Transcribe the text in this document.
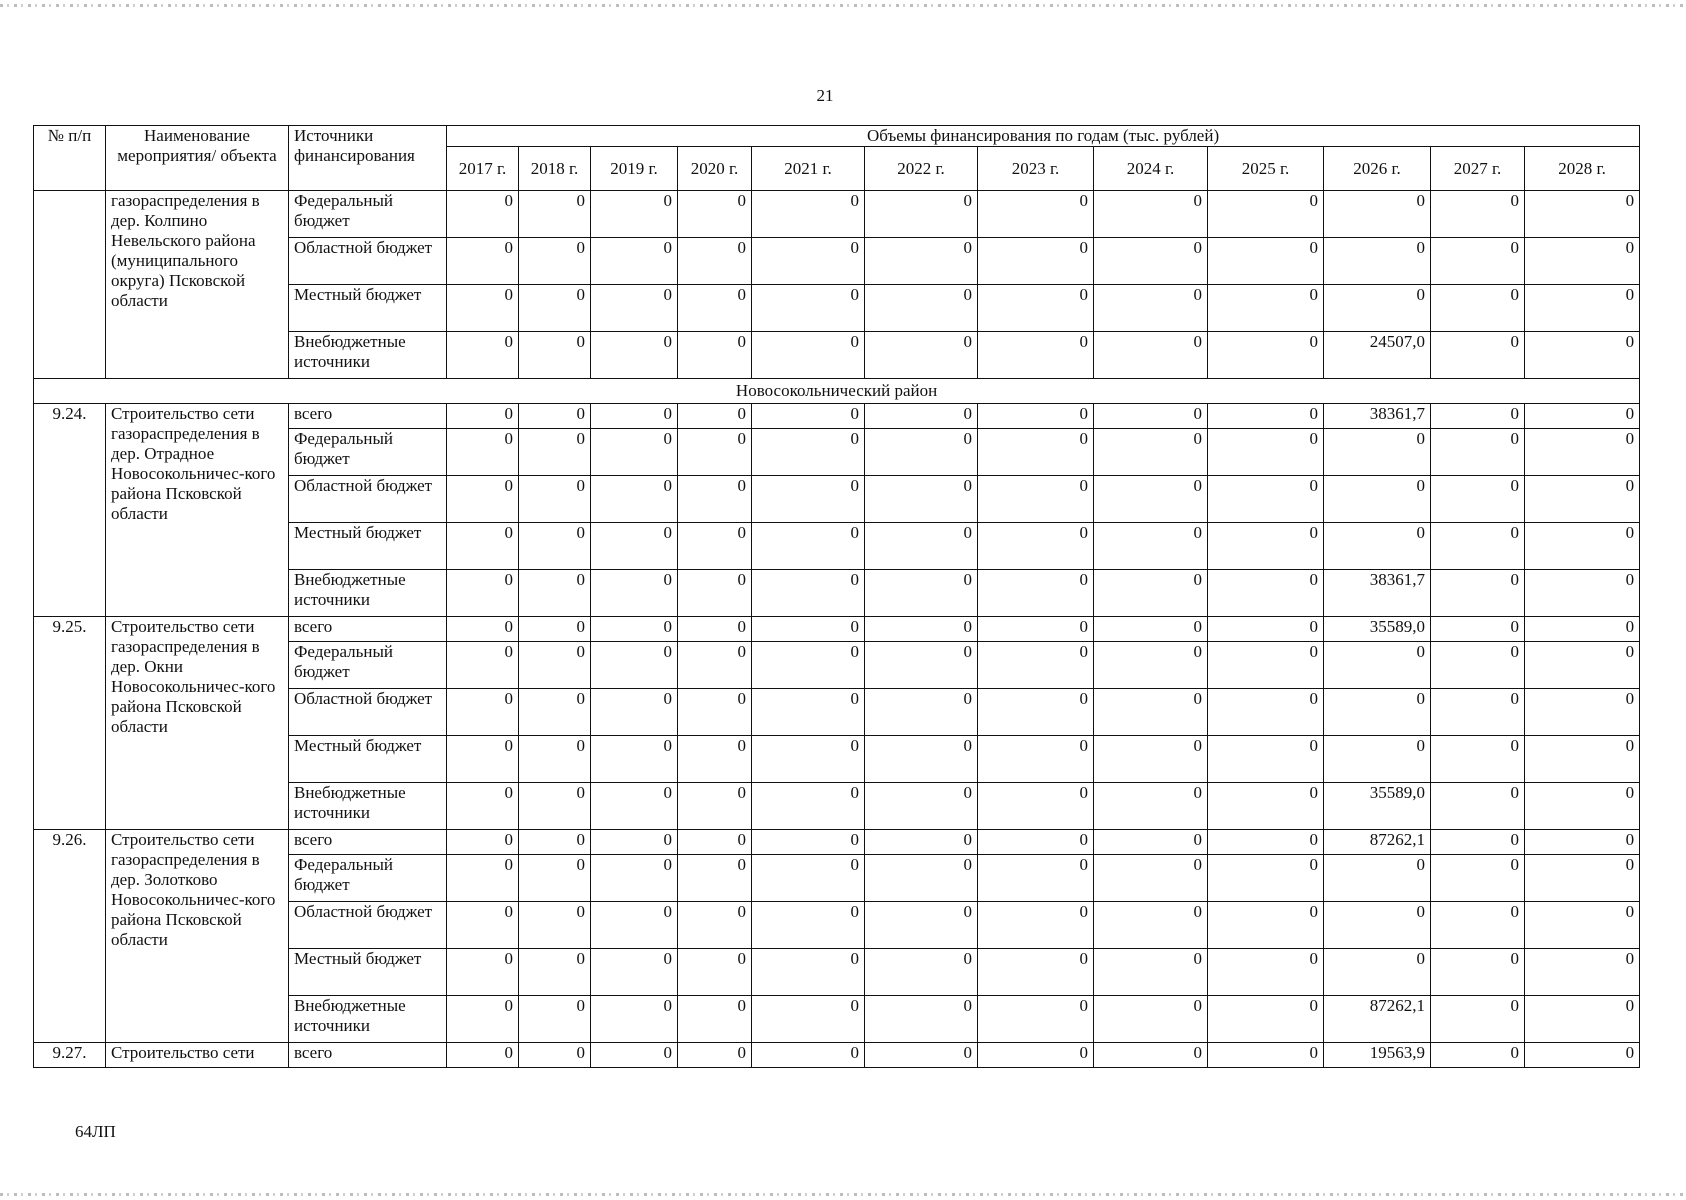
21
№ п/п	Наименование мероприятия/ объекта	Источники финансирования	Объемы финансирования по годам (тыс. рублей)											
			2017 г.	2018 г.	2019 г.	2020 г.	2021 г.	2022 г.	2023 г.	2024 г.	2025 г.	2026 г.	2027 г.	2028 г.
	газораспределения в дер. Колпино Невельского района (муниципального округа) Псковской области	Федеральный бюджет	0	0	0	0	0	0	0	0	0	0	0	0
		Областной бюджет	0	0	0	0	0	0	0	0	0	0	0	0
		Местный бюджет	0	0	0	0	0	0	0	0	0	0	0	0
		Внебюджетные источники	0	0	0	0	0	0	0	0	0	24507,0	0	0
Новосокольнический район														
9.24.	Строительство сети газораспределения в дер. Отрадное Новосокольничес-кого района Псковской области	всего	0	0	0	0	0	0	0	0	0	38361,7	0	0
		Федеральный бюджет	0	0	0	0	0	0	0	0	0	0	0	0
		Областной бюджет	0	0	0	0	0	0	0	0	0	0	0	0
		Местный бюджет	0	0	0	0	0	0	0	0	0	0	0	0
		Внебюджетные источники	0	0	0	0	0	0	0	0	0	38361,7	0	0
9.25.	Строительство сети газораспределения в дер. Окни Новосокольничес-кого района Псковской области	всего	0	0	0	0	0	0	0	0	0	35589,0	0	0
		Федеральный бюджет	0	0	0	0	0	0	0	0	0	0	0	0
		Областной бюджет	0	0	0	0	0	0	0	0	0	0	0	0
		Местный бюджет	0	0	0	0	0	0	0	0	0	0	0	0
		Внебюджетные источники	0	0	0	0	0	0	0	0	0	35589,0	0	0
9.26.	Строительство сети газораспределения в дер. Золотково Новосокольничес-кого района Псковской области	всего	0	0	0	0	0	0	0	0	0	87262,1	0	0
		Федеральный бюджет	0	0	0	0	0	0	0	0	0	0	0	0
		Областной бюджет	0	0	0	0	0	0	0	0	0	0	0	0
		Местный бюджет	0	0	0	0	0	0	0	0	0	0	0	0
		Внебюджетные источники	0	0	0	0	0	0	0	0	0	87262,1	0	0
9.27.	Строительство сети	всего	0	0	0	0	0	0	0	0	0	19563,9	0	0
64ЛП
